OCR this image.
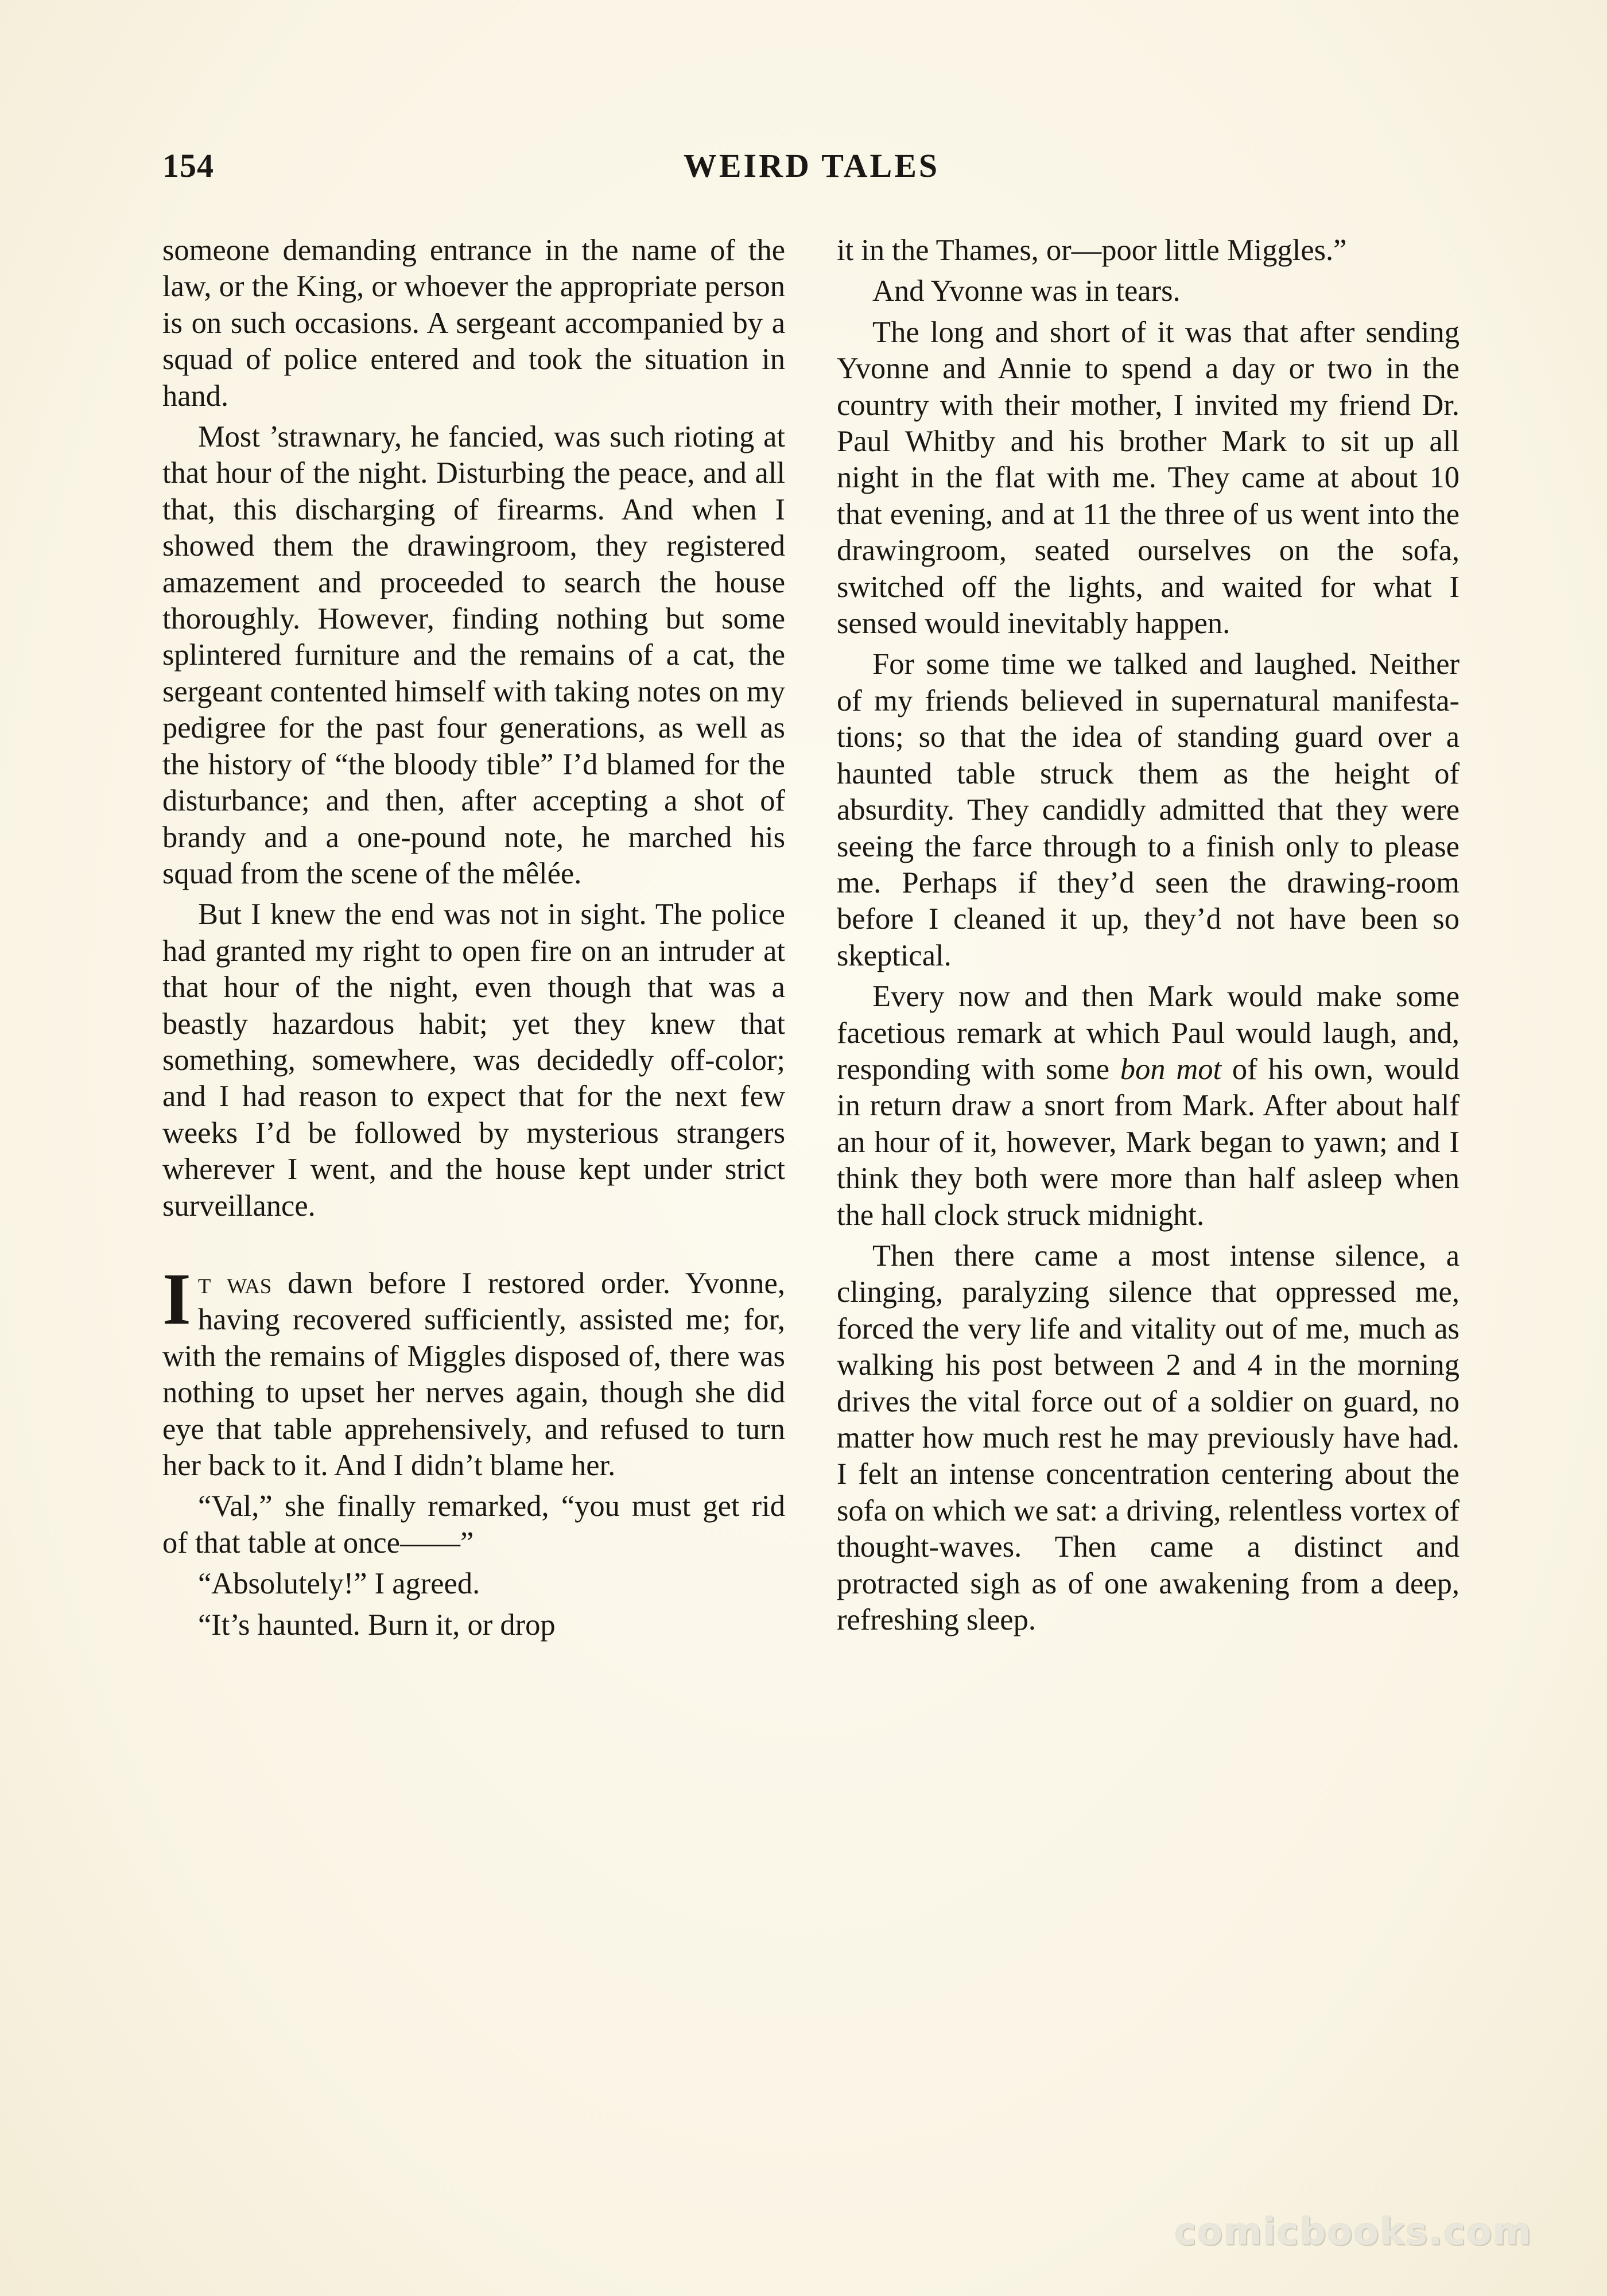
154	WEIRD TALES

someone demanding entrance in the name of the law, or the King, or whoever the appropriate person is on such occasions. A sergeant accompanied by a squad of police entered and took the situation in hand.

Most ’strawnary, he fancied, was such rioting at that hour of the night. Disturbing the peace, and all that, this discharging of firearms. And when I showed them the drawingroom, they registered amazement and proceeded to search the house thoroughly. However, finding nothing but some splintered furniture and the remains of a cat, the sergeant contented himself with taking notes on my pedigree for the past four generations, as well as the history of “the bloody tible” I’d blamed for the disturbance; and then, after accepting a shot of brandy and a one-pound note, he marched his squad from the scene of the mêlée.

But I knew the end was not in sight. The police had granted my right to open fire on an intruder at that hour of the night, even though that was a beastly hazardous habit; yet they knew that something, somewhere, was decidedly off-color; and I had reason to expect that for the next few weeks I’d be followed by mysterious strangers wherever I went, and the house kept under strict surveillance.

It was dawn before I restored order. Yvonne, having recovered sufficiently, assisted me; for, with the remains of Miggles disposed of, there was nothing to upset her nerves again, though she did eye that table apprehensively, and refused to turn her back to it. And I didn’t blame her.

“Val,” she finally remarked, “you must get rid of that table at once——”

“Absolutely!” I agreed.

“It’s haunted. Burn it, or drop

it in the Thames, or—poor little Miggles.”

And Yvonne was in tears.

The long and short of it was that after sending Yvonne and Annie to spend a day or two in the country with their mother, I invited my friend Dr. Paul Whitby and his brother Mark to sit up all night in the flat with me. They came at about 10 that evening, and at 11 the three of us went into the drawingroom, seated ourselves on the sofa, switched off the lights, and waited for what I sensed would inevitably happen.

For some time we talked and laughed. Neither of my friends believed in supernatural manifestations; so that the idea of standing guard over a haunted table struck them as the height of absurdity. They candidly admitted that they were seeing the farce through to a finish only to please me. Perhaps if they’d seen the drawing-room before I cleaned it up, they’d not have been so skeptical.

Every now and then Mark would make some facetious remark at which Paul would laugh, and, responding with some bon mot of his own, would in return draw a snort from Mark. After about half an hour of it, however, Mark began to yawn; and I think they both were more than half asleep when the hall clock struck midnight.

Then there came a most intense silence, a clinging, paralyzing silence that oppressed me, forced the very life and vitality out of me, much as walking his post between 2 and 4 in the morning drives the vital force out of a soldier on guard, no matter how much rest he may previously have had. I felt an intense concentration centering about the sofa on which we sat: a driving, relentless vortex of thought-waves. Then came a distinct and protracted sigh as of one awakening from a deep, refreshing sleep.

comicbooks.com
